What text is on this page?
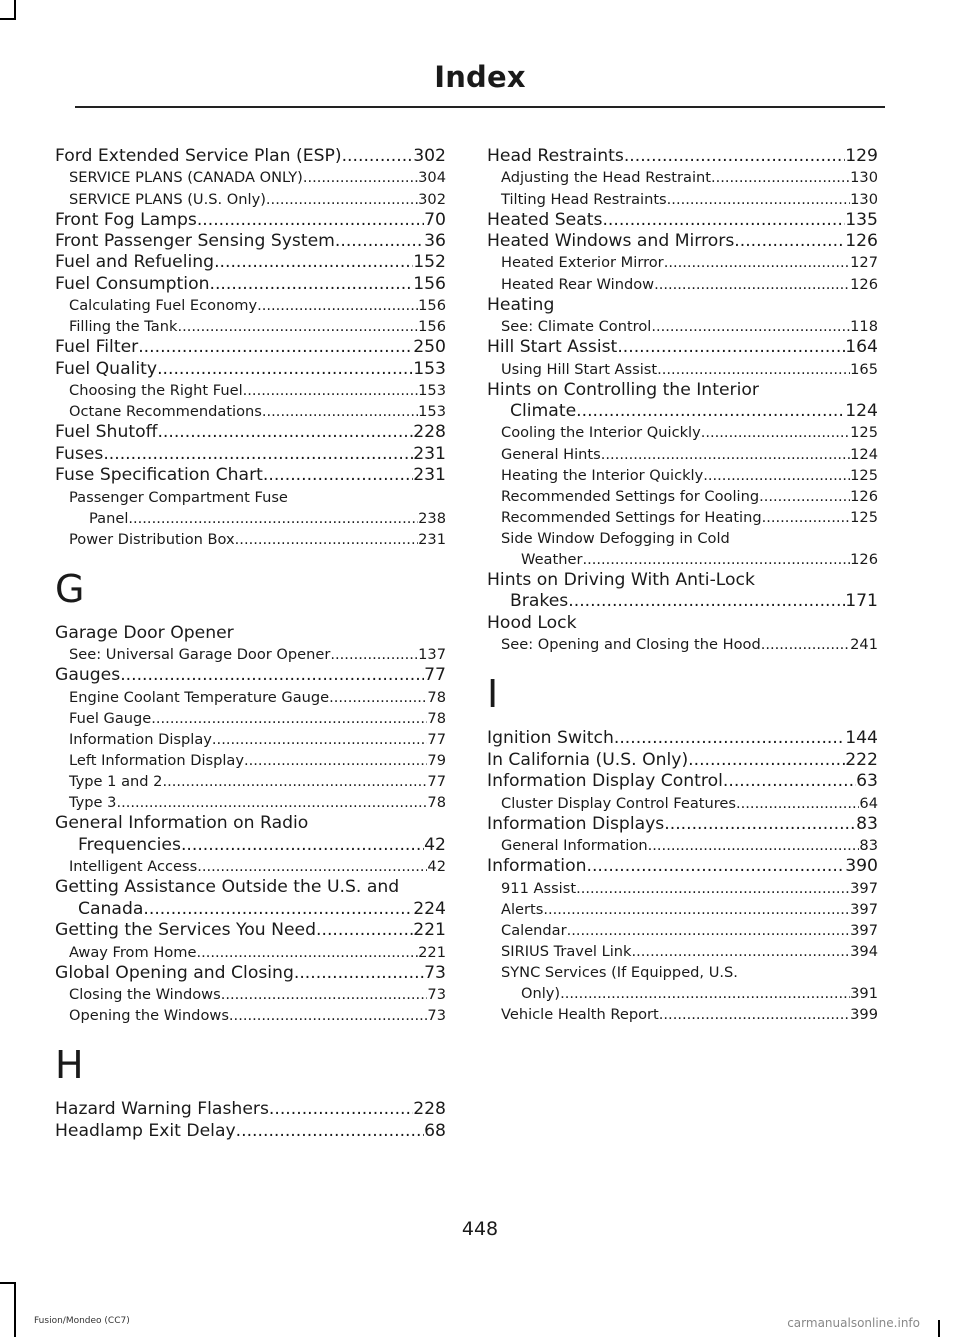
Index
Ford Extended Service Plan (ESP) .....	302
SERVICE PLANS (CANADA ONLY) .....	304
SERVICE PLANS (U.S. Only) .....	302
Front Fog Lamps .....	70
Front Passenger Sensing System .....	36
Fuel and Refueling .....	152
Fuel Consumption .....	156
Calculating Fuel Economy .....	156
Filling the Tank .....	156
Fuel Filter .....	250
Fuel Quality .....	153
Choosing the Right Fuel .....	153
Octane Recommendations .....	153
Fuel Shutoff .....	228
Fuses .....	231
Fuse Specification Chart .....	231
Passenger Compartment Fuse
Panel .....	238
Power Distribution Box .....	231
G
Garage Door Opener
See: Universal Garage Door Opener .....	137
Gauges .....	77
Engine Coolant Temperature Gauge .....	78
Fuel Gauge .....	78
Information Display .....	77
Left Information Display .....	79
Type 1 and 2 .....	77
Type 3 .....	78
General Information on Radio
Frequencies .....	42
Intelligent Access .....	42
Getting Assistance Outside the U.S. and
Canada .....	224
Getting the Services You Need .....	221
Away From Home .....	221
Global Opening and Closing .....	73
Closing the Windows .....	73
Opening the Windows .....	73
H
Hazard Warning Flashers .....	228
Headlamp Exit Delay .....	68
Head Restraints .....	129
Adjusting the Head Restraint .....	130
Tilting Head Restraints .....	130
Heated Seats .....	135
Heated Windows and Mirrors .....	126
Heated Exterior Mirror .....	127
Heated Rear Window .....	126
Heating
See: Climate Control .....	118
Hill Start Assist .....	164
Using Hill Start Assist .....	165
Hints on Controlling the Interior
Climate .....	124
Cooling the Interior Quickly .....	125
General Hints .....	124
Heating the Interior Quickly .....	125
Recommended Settings for Cooling .....	126
Recommended Settings for Heating .....	125
Side Window Defogging in Cold
Weather .....	126
Hints on Driving With Anti-Lock
Brakes .....	171
Hood Lock
See: Opening and Closing the Hood .....	241
I
Ignition Switch .....	144
In California (U.S. Only) .....	222
Information Display Control .....	63
Cluster Display Control Features .....	64
Information Displays .....	83
General Information .....	83
Information .....	390
911 Assist .....	397
Alerts .....	397
Calendar .....	397
SIRIUS Travel Link .....	394
SYNC Services (If Equipped, U.S.
Only) .....	391
Vehicle Health Report .....	399
448
Fusion/Mondeo (CC7)	carmanualsonline.info
